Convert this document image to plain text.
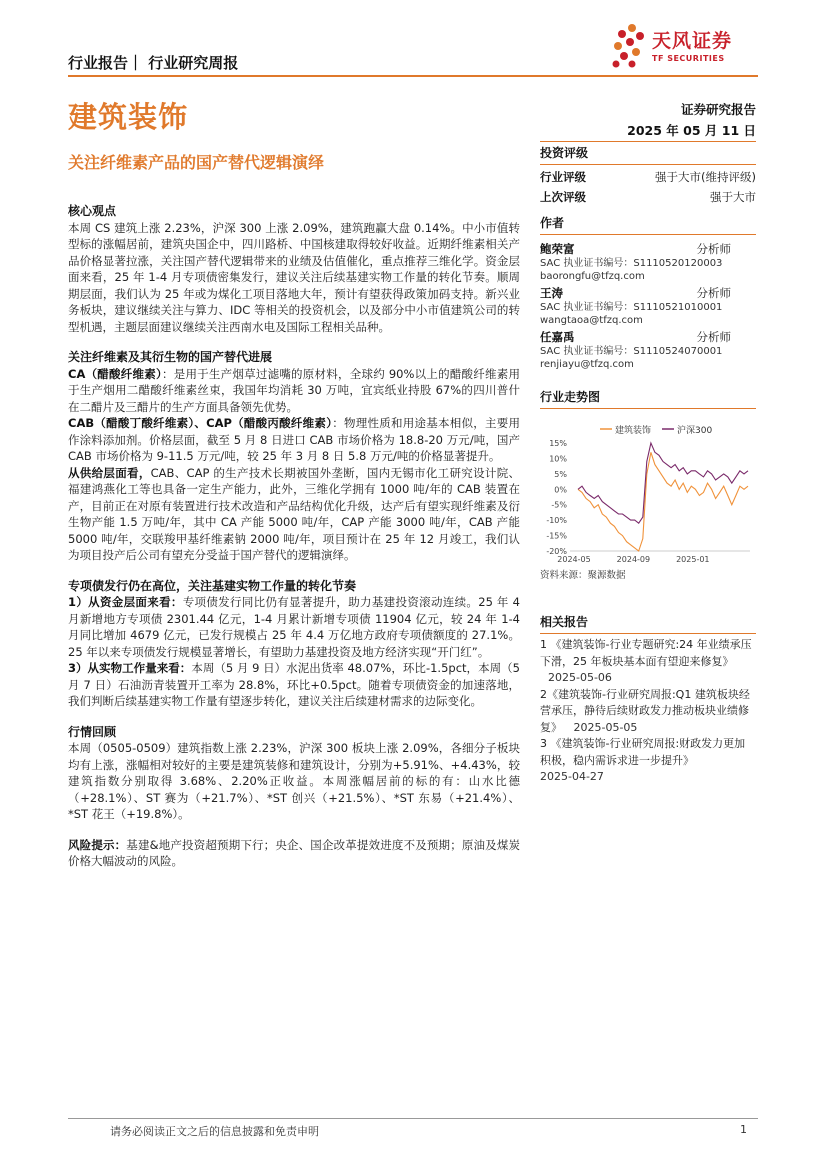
行业报告｜ 行业研究周报
建筑装饰
关注纤维素产品的国产替代逻辑演绎
天风证券
TF SECURITIES
证券研究报告
2025 年 05 月 11 日
投资评级
行业评级	强于大市(维持评级)
上次评级	强于大市
作者
鲍荣富	分析师
SAC 执业证书编号：S1110520120003
baorongfu@tfzq.com
王涛	分析师
SAC 执业证书编号：S1110521010001
wangtaoa@tfzq.com
任嘉禹	分析师
SAC 执业证书编号：S1110524070001
renjiayu@tfzq.com
行业走势图
建筑装饰	沪深300
15%
10%
5%
0%
-5%
-10%
-15%
-20%
2024-05	2024-09	2025-01
资料来源：聚源数据
相关报告
1 《建筑装饰-行业专题研究:24 年业绩承压下滑，25 年板块基本面有望迎来修复》 2025-05-06
2《建筑装饰-行业研究周报:Q1 建筑板块经营承压，静待后续财政发力推动板块业绩修复》 2025-05-05
3 《建筑装饰-行业研究周报:财政发力更加积极，稳内需诉求进一步提升》
2025-04-27
核心观点

本周 CS 建筑上涨 2.23%，沪深 300 上涨 2.09%，建筑跑赢大盘 0.14%。中小市值转型标的涨幅居前，建筑央国企中，四川路桥、中国核建取得较好收益。近期纤维素相关产品价格显著拉涨，关注国产替代逻辑带来的业绩及估值催化，重点推荐三维化学。资金层面来看，25 年 1-4 月专项债密集发行，建议关注后续基建实物工作量的转化节奏。顺周期层面，我们认为 25 年或为煤化工项目落地大年，预计有望获得政策加码支持。新兴业务板块，建议继续关注与算力、IDC 等相关的投资机会，以及部分中小市值建筑公司的转型机遇，主题层面建议继续关注西南水电及国际工程相关品种。

关注纤维素及其衍生物的国产替代进展

CA（醋酸纤维素）：是用于生产烟草过滤嘴的原材料，全球约 90%以上的醋酸纤维素用于生产烟用二醋酸纤维素丝束，我国年均消耗 30 万吨，宜宾纸业持股 67%的四川普什在二醋片及三醋片的生产方面具备领先优势。

CAB（醋酸丁酸纤维素）、CAP（醋酸丙酸纤维素）：物理性质和用途基本相似，主要用作涂料添加剂。价格层面，截至 5 月 8 日进口 CAB 市场价格为 18.8-20 万元/吨，国产 CAB 市场价格为 9-11.5 万元/吨，较 25 年 3 月 8 日 5.8 万元/吨的价格显著提升。

从供给层面看，CAB、CAP 的生产技术长期被国外垄断，国内无锡市化工研究设计院、福建鸿燕化工等也具备一定生产能力，此外，三维化学拥有 1000 吨/年的 CAB 装置在产，目前正在对原有装置进行技术改造和产品结构优化升级，达产后有望实现纤维素及衍生物产能 1.5 万吨/年，其中 CA 产能 5000 吨/年，CAP 产能 3000 吨/年，CAB 产能 5000 吨/年，交联羧甲基纤维素钠 2000 吨/年，项目预计在 25 年 12 月竣工，我们认为项目投产后公司有望充分受益于国产替代的逻辑演绎。

专项债发行仍在高位，关注基建实物工作量的转化节奏

1）从资金层面来看：专项债发行同比仍有显著提升，助力基建投资滚动连续。25 年 4 月新增地方专项债 2301.44 亿元，1-4 月累计新增专项债 11904 亿元，较 24 年 1-4 月同比增加 4679 亿元，已发行规模占 25 年 4.4 万亿地方政府专项债额度的 27.1%。25 年以来专项债发行规模显著增长，有望助力基建投资及地方经济实现“开门红”。

3）从实物工作量来看：本周（5 月 9 日）水泥出货率 48.07%，环比-1.5pct，本周（5 月 7 日）石油沥青装置开工率为 28.8%，环比+0.5pct。随着专项债资金的加速落地，我们判断后续基建实物工作量有望逐步转化，建议关注后续建材需求的边际变化。

行情回顾

本周（0505-0509）建筑指数上涨 2.23%，沪深 300 板块上涨 2.09%，各细分子板块均有上涨，涨幅相对较好的主要是建筑装修和建筑设计，分别为+5.91%、+4.43%，较建筑指数分别取得 3.68%、2.20%正收益。本周涨幅居前的标的有：山水比德（+28.1%）、ST 赛为（+21.7%）、*ST 创兴（+21.5%）、*ST 东易（+21.4%）、*ST 花王（+19.8%）。

风险提示：基建&地产投资超预期下行；央企、国企改革提效进度不及预期；原油及煤炭价格大幅波动的风险。

请务必阅读正文之后的信息披露和免责申明	1
